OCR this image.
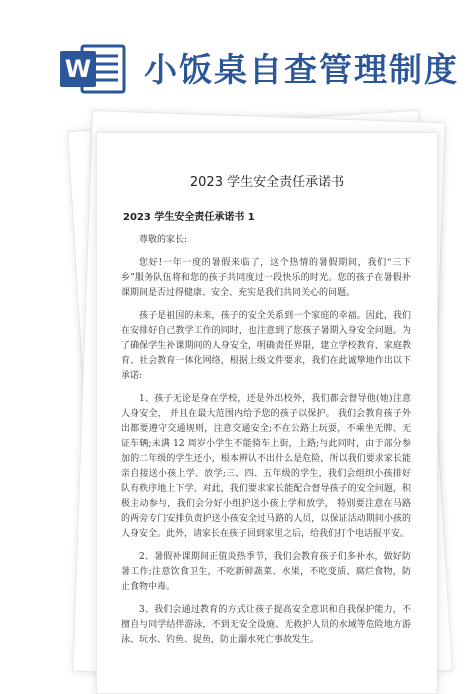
W 小饭桌自查管理制度
2023 学生安全责任承诺书
2023 学生安全责任承诺书 1

尊敬的家长:

您好!一年一度的暑假来临了，这个热情的暑假期间，我们“三下乡”服务队伍将和您的孩子共同度过一段快乐的时光。您的孩子在暑假补课期间是否过得健康、安全、充实是我们共同关心的问题。

孩子是祖国的未来，孩子的安全关系到一个家庭的幸福。因此，我们在安排好自己教学工作的同时，也注意到了您孩子暑期入身安全问题。为了确保学生补课期间的人身安全，明确责任界限，建立学校教育、家庭教育、社会教育一体化网络，根据上级文件要求，我们在此诚挚地作出以下承诺:

1、孩子无论是身在学校，还是外出校外，我们都会督导他(她)注意人身安全， 并且在最大范围内给予您的孩子以保护。 我们会教育孩子外出都要遵守交通规则，注意交通安全;不在公路上玩耍，不乘坐无牌、无证车辆;未满 12 周岁小学生不能骑车上街，上路;与此同时，由于部分参加的二年级的学生还小，根本辨认不出什么是危险，所以我们要求家长能亲自接送小孩上学、放学;三、四、五年级的学生，我们会组织小孩排好队有秩序地上下学。对此，我们要求家长能配合督导孩子的安全问题，积极主动参与，我们会分好小组护送小孩上学和放学， 特别要注意在马路的两旁专门安排负责护送小孩安全过马路的人员，以保证活动期间小孩的人身安全。此外，请家长在孩子回到家里之后，给我们打个电话报平安。

2、暑假补课期间正值炎热季节，我们会教育孩子们多补水，做好防暑工作;注意饮食卫生，不吃新鲜蔬菜、水果，不吃变质、腐烂食物，防止食物中毒。

3、我们会通过教育的方式让孩子提高安全意识和自我保护能力，不擅自与同学结伴游泳，不到无安全设施、无救护人员的水域等危险地方游泳、玩水、钓鱼、捉鱼，防止溺水死亡事故发生。
